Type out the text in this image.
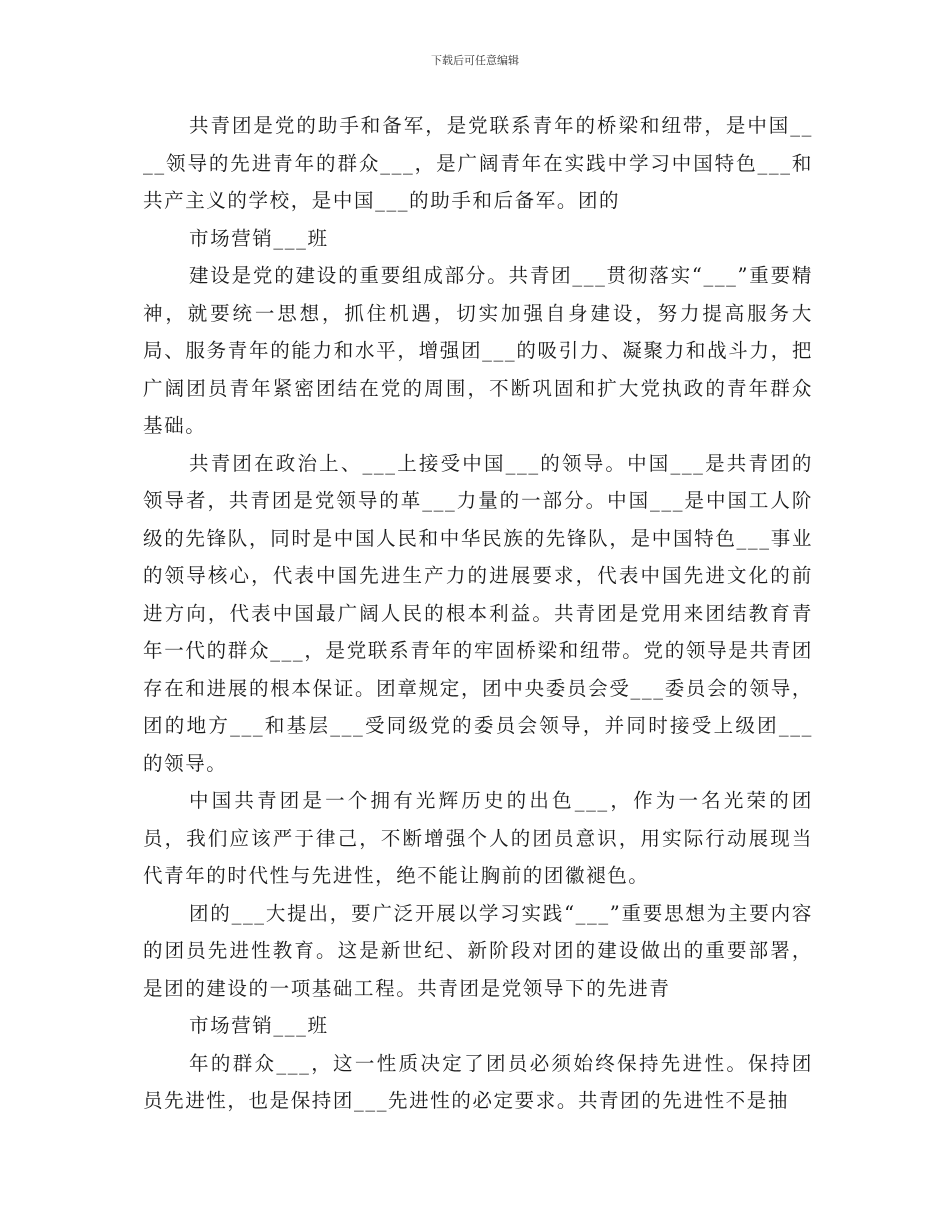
下载后可任意编辑

共青团是党的助手和备军，是党联系青年的桥梁和纽带，是中国____领导的先进青年的群众___，是广阔青年在实践中学习中国特色___和共产主义的学校，是中国___的助手和后备军。团的

市场营销___班

建设是党的建设的重要组成部分。共青团___贯彻落实“___”重要精神，就要统一思想，抓住机遇，切实加强自身建设，努力提高服务大局、服务青年的能力和水平，增强团___的吸引力、凝聚力和战斗力，把广阔团员青年紧密团结在党的周围，不断巩固和扩大党执政的青年群众基础。

共青团在政治上、___上接受中国___的领导。中国___是共青团的领导者，共青团是党领导的革___力量的一部分。中国___是中国工人阶级的先锋队，同时是中国人民和中华民族的先锋队，是中国特色___事业的领导核心，代表中国先进生产力的进展要求，代表中国先进文化的前进方向，代表中国最广阔人民的根本利益。共青团是党用来团结教育青年一代的群众___，是党联系青年的牢固桥梁和纽带。党的领导是共青团存在和进展的根本保证。团章规定，团中央委员会受___委员会的领导，团的地方___和基层___受同级党的委员会领导，并同时接受上级团___的领导。

中国共青团是一个拥有光辉历史的出色___，作为一名光荣的团员，我们应该严于律己，不断增强个人的团员意识，用实际行动展现当代青年的时代性与先进性，绝不能让胸前的团徽褪色。

团的___大提出，要广泛开展以学习实践“___”重要思想为主要内容的团员先进性教育。这是新世纪、新阶段对团的建设做出的重要部署，是团的建设的一项基础工程。共青团是党领导下的先进青

市场营销___班

年的群众___，这一性质决定了团员必须始终保持先进性。保持团员先进性，也是保持团___先进性的必定要求。共青团的先进性不是抽
